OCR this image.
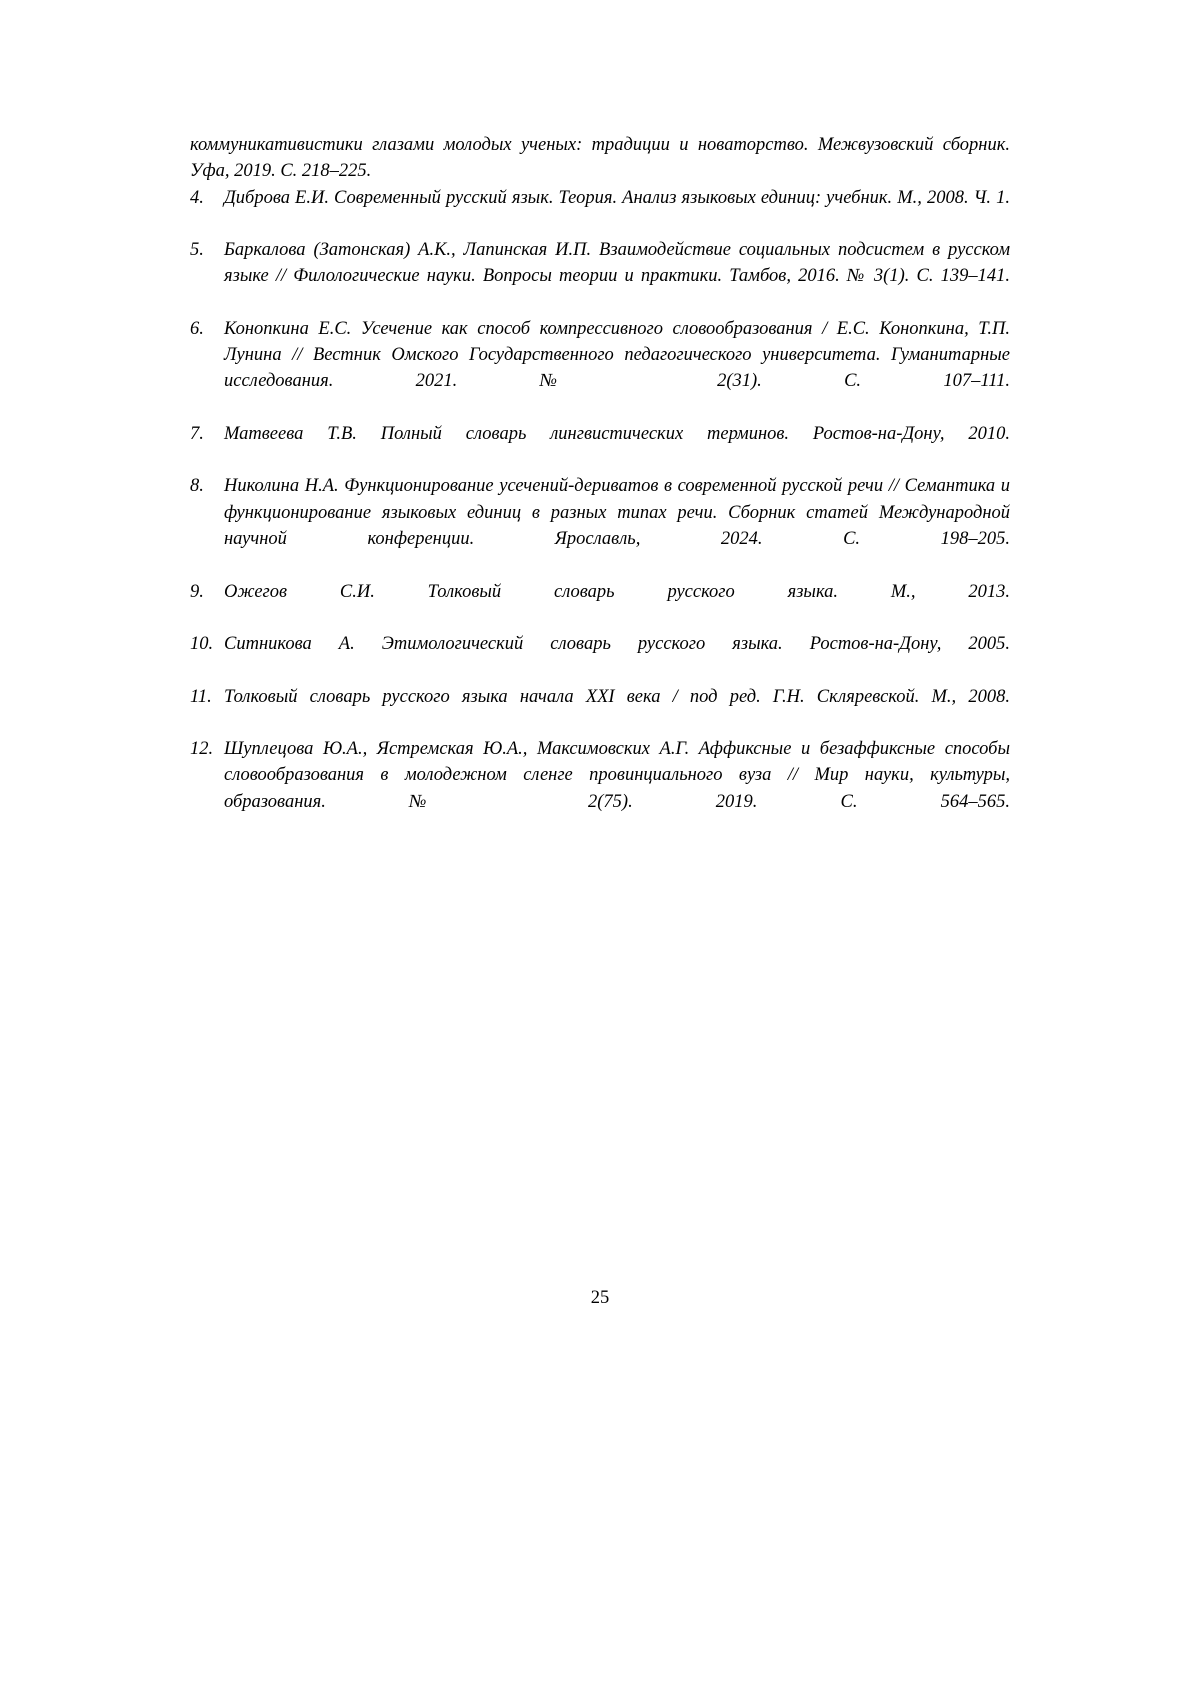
коммуникативистики глазами молодых ученых: традиции и новаторство. Межвузовский сборник. Уфа, 2019. С. 218–225.

4.	Диброва Е.И. Современный русский язык. Теория. Анализ языковых единиц: учебник. М., 2008. Ч. 1.
5.	Баркалова (Затонская) А.К., Лапинская И.П. Взаимодействие социальных подсистем в русском языке // Филологические науки. Вопросы теории и практики. Тамбов, 2016. № 3(1). С. 139–141.
6.	Конопкина Е.С. Усечение как способ компрессивного словообразования / Е.С. Конопкина, Т.П. Лунина // Вестник Омского Государственного педагогического университета. Гуманитарные исследования. 2021. № 2(31). С. 107–111.
7.	Матвеева Т.В. Полный словарь лингвистических терминов. Ростов-на-Дону, 2010.
8.	Николина Н.А. Функционирование усечений-дериватов в современной русской речи // Семантика и функционирование языковых единиц в разных типах речи. Сборник статей Международной научной конференции. Ярославль, 2024. С. 198–205.
9.	Ожегов С.И. Толковый словарь русского языка. М., 2013.
10. Ситникова А. Этимологический словарь русского языка. Ростов-на-Дону, 2005.
11. Толковый словарь русского языка начала XXI века / под ред. Г.Н. Скляревской. М., 2008.
12. Шуплецова Ю.А., Ястремская Ю.А., Максимовских А.Г. Аффиксные и безаффиксные способы словообразования в молодежном сленге провинциального вуза // Мир науки, культуры, образования. № 2(75). 2019. С. 564–565.
25
